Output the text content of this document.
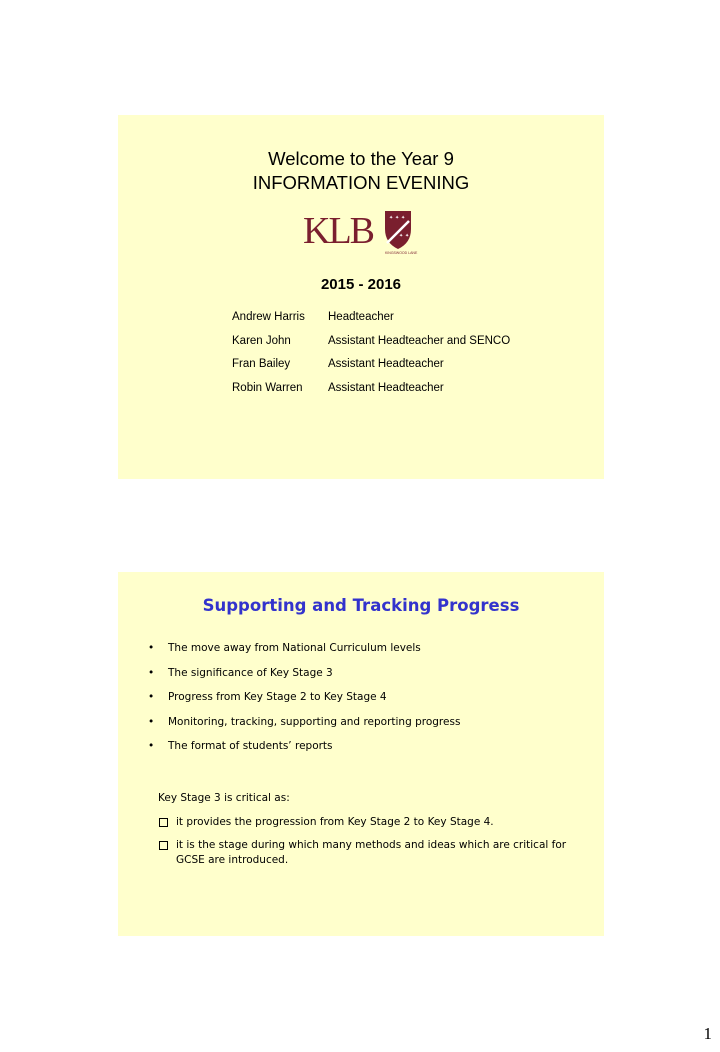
Welcome to the Year 9
INFORMATION EVENING
KLB	✦ ✦ ✦
✦ ✦
KINGSWOOD LANE
2015 - 2016
Andrew Harris	Headteacher
Karen John	Assistant Headteacher and SENCO
Fran Bailey	Assistant Headteacher
Robin Warren	Assistant Headteacher
Supporting and Tracking Progress
•	The move away from National Curriculum levels
•	The significance of Key Stage 3
•	Progress from Key Stage 2 to Key Stage 4
•	Monitoring, tracking, supporting and reporting progress
•	The format of students’ reports
Key Stage 3 is critical as:
it provides the progression from Key Stage 2 to Key Stage 4.
it is the stage during which many methods and ideas which are critical for GCSE are introduced.
1
